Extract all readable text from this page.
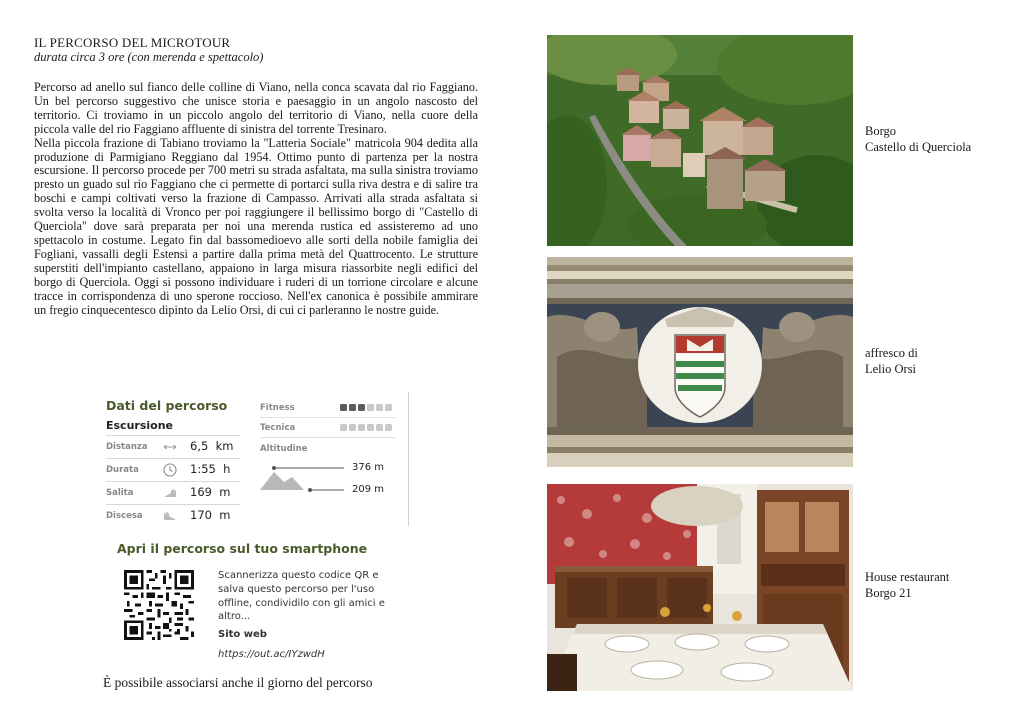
IL PERCORSO DEL MICROTOUR
durata circa 3 ore (con merenda e spettacolo)

Percorso ad anello sul fianco delle colline di Viano, nella conca scavata dal rio Faggiano. Un bel percorso suggestivo che unisce storia e paesaggio in un angolo nascosto del territorio. Ci troviamo in un piccolo angolo del territorio di Viano, nella cuore della piccola valle del rio Faggiano affluente di sinistra del torrente Tresinaro.

Nella piccola frazione di Tabiano troviamo la "Latteria Sociale" matricola 904 dedita alla produzione di Parmigiano Reggiano dal 1954. Ottimo punto di partenza per la nostra escursione. Il percorso procede per 700 metri su strada asfaltata, ma sulla sinistra troviamo presto un guado sul rio Faggiano che ci permette di portarci sulla riva destra e di salire tra boschi e campi coltivati verso la frazione di Campasso. Arrivati alla strada asfaltata si svolta verso la località di Vronco per poi raggiungere il bellissimo borgo di "Castello di Querciola" dove sarà preparata per noi una merenda rustica ed assisteremo ad uno spettacolo in costume. Legato fin dal bassomedioevo alle sorti della nobile famiglia dei Fogliani, vassalli degli Estensi a partire dalla prima metà del Quattrocento. Le strutture superstiti dell'impianto castellano, appaiono in larga misura riassorbite negli edifici del borgo di Querciola. Oggi si possono individuare i ruderi di un torrione circolare e alcune tracce in corrispondenza di uno sperone roccioso. Nell'ex canonica è possibile ammirare un fregio cinquecentesco dipinto da Lelio Orsi, di cui ci parleranno le nostre guide.

Dati del percorso
Escursione
Distanza	6,5 km
Durata	1:55 h
Salita	169 m
Discesa	170 m
Fitness
Tecnica
Altitudine
376 m
209 m
Apri il percorso sul tuo smartphone
Scannerizza questo codice QR e salva questo percorso per l'uso offline, condividilo con gli amici e altro...
Sito web
https://out.ac/IYzwdH
È possibile associarsi anche il giorno del percorso
Borgo
Castello di Querciola
affresco di
Lelio Orsi
House restaurant
Borgo 21
